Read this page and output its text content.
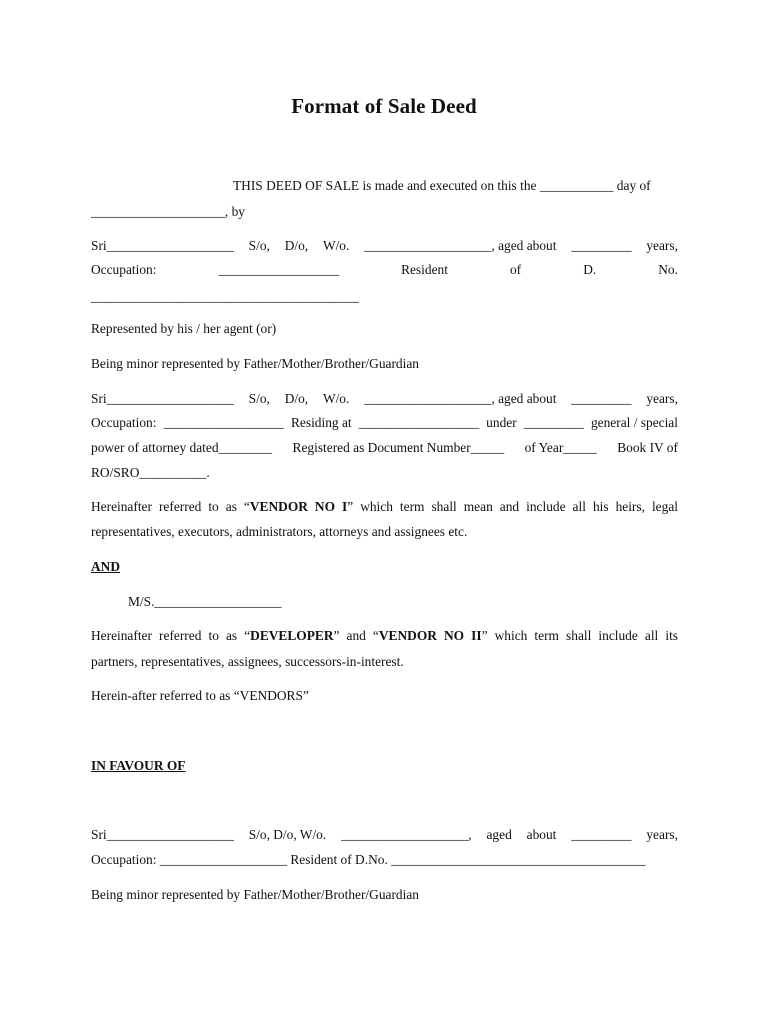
Format of Sale Deed
THIS DEED OF SALE is made and executed on this the ___________ day of
____________________, by
Sri___________________ S/o, D/o, W/o. ___________________, aged about _________ years,
Occupation:	__________________	Resident	of	D.	No.
________________________________________
Represented by his / her agent (or)
Being minor represented by Father/Mother/Brother/Guardian
Sri___________________ S/o, D/o, W/o. ___________________, aged about _________ years,
Occupation: __________________ Residing at __________________ under _________ general / special
power of attorney dated________ Registered as Document Number_____ of Year_____ Book IV of
RO/SRO__________.
Hereinafter referred to as “VENDOR NO I” which term shall mean and include all his heirs, legal
representatives, executors, administrators, attorneys and assignees etc.
AND
M/S.___________________
Hereinafter referred to as “DEVELOPER” and “VENDOR NO II” which term shall include all its
partners, representatives, assignees, successors-in-interest.
Herein-after referred to as “VENDORS”
IN FAVOUR OF
Sri___________________ S/o, D/o, W/o. ___________________, aged about _________ years,
Occupation: ___________________ Resident of D.No. ______________________________________
Being minor represented by Father/Mother/Brother/Guardian
